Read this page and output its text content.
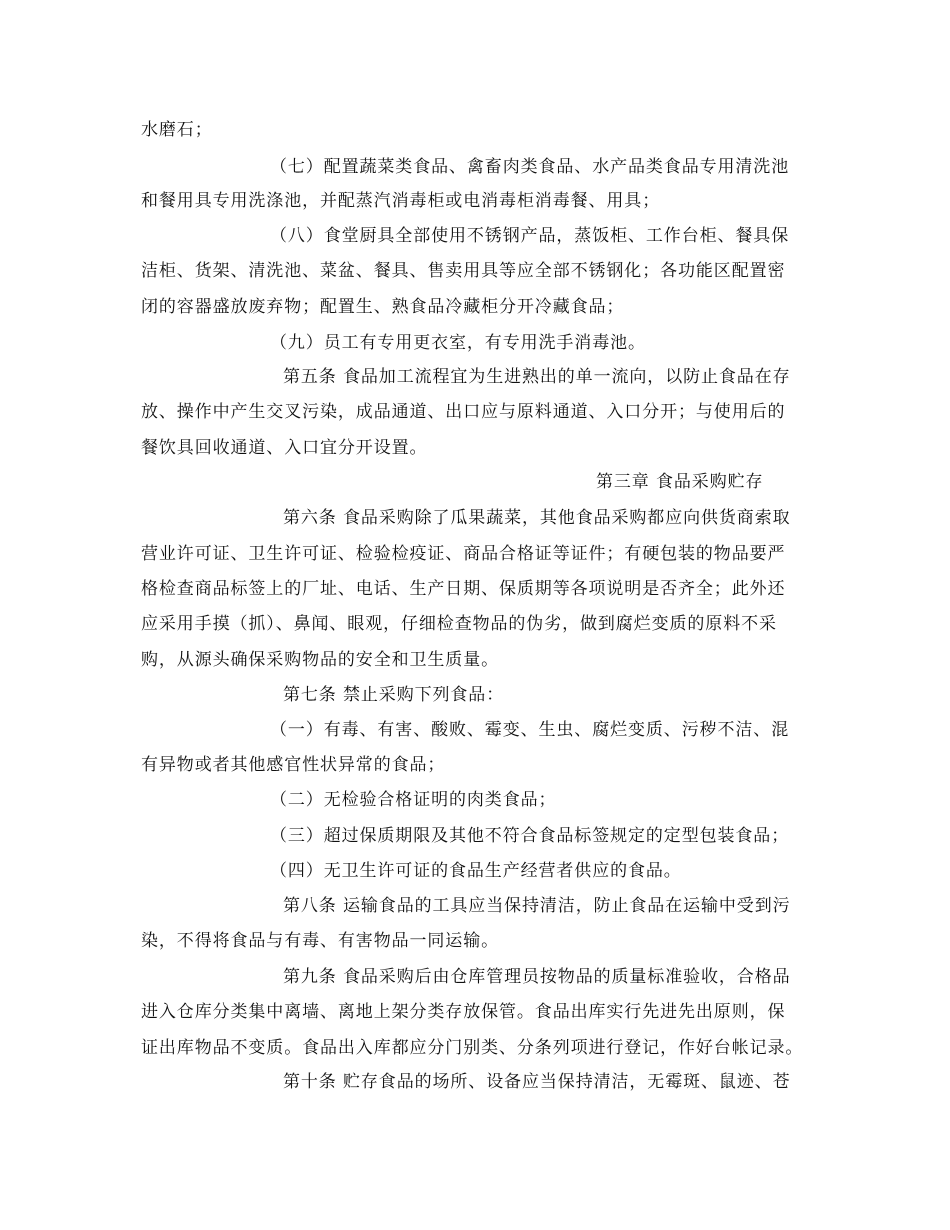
水磨石；
（七）配置蔬菜类食品、禽畜肉类食品、水产品类食品专用清洗池
和餐用具专用洗涤池，并配蒸汽消毒柜或电消毒柜消毒餐、用具；
（八）食堂厨具全部使用不锈钢产品，蒸饭柜、工作台柜、餐具保
洁柜、货架、清洗池、菜盆、餐具、售卖用具等应全部不锈钢化；各功能区配置密
闭的容器盛放废弃物；配置生、熟食品冷藏柜分开冷藏食品；
（九）员工有专用更衣室，有专用洗手消毒池。
第五条 食品加工流程宜为生进熟出的单一流向，以防止食品在存
放、操作中产生交叉污染，成品通道、出口应与原料通道、入口分开；与使用后的
餐饮具回收通道、入口宜分开设置。
第三章 食品采购贮存
第六条 食品采购除了瓜果蔬菜，其他食品采购都应向供货商索取
营业许可证、卫生许可证、检验检疫证、商品合格证等证件；有硬包装的物品要严
格检查商品标签上的厂址、电话、生产日期、保质期等各项说明是否齐全；此外还
应采用手摸（抓）、鼻闻、眼观，仔细检查物品的伪劣，做到腐烂变质的原料不采
购，从源头确保采购物品的安全和卫生质量。
第七条 禁止采购下列食品：
（一）有毒、有害、酸败、霉变、生虫、腐烂变质、污秽不洁、混
有异物或者其他感官性状异常的食品；
（二）无检验合格证明的肉类食品；
（三）超过保质期限及其他不符合食品标签规定的定型包装食品；
（四）无卫生许可证的食品生产经营者供应的食品。
第八条 运输食品的工具应当保持清洁，防止食品在运输中受到污
染，不得将食品与有毒、有害物品一同运输。
第九条 食品采购后由仓库管理员按物品的质量标准验收，合格品
进入仓库分类集中离墙、离地上架分类存放保管。食品出库实行先进先出原则，保
证出库物品不变质。食品出入库都应分门别类、分条列项进行登记，作好台帐记录。
第十条 贮存食品的场所、设备应当保持清洁，无霉斑、鼠迹、苍
